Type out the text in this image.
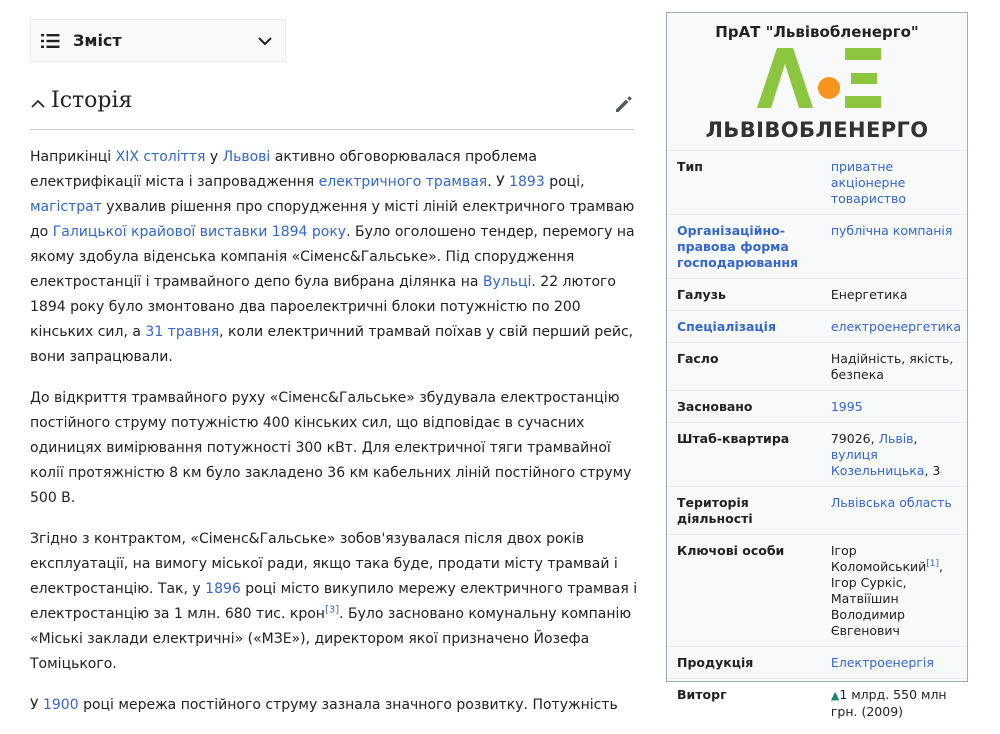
Зміст
Історія

Наприкінці XIX століття у Львові активно обговорювалася проблема електрифікації міста і запровадження електричного трамвая. У 1893 році, магістрат ухвалив рішення про спорудження у місті ліній електричного трамваю до Галицької крайової виставки 1894 року. Було оголошено тендер, перемогу на якому здобула віденська компанія «Сіменс&Гальське». Під спорудження електростанції і трамвайного депо була вибрана ділянка на Вульці. 22 лютого 1894 року було змонтовано два пароелектричні блоки потужністю по 200 кінських сил, а 31 травня, коли електричний трамвай поїхав у свій перший рейс, вони запрацювали.

До відкриття трамвайного руху «Сіменс&Гальське» збудувала електростанцію постійного струму потужністю 400 кінських сил, що відповідає в сучасних одиницях вимірювання потужності 300 кВт. Для електричної тяги трамвайної колії протяжністю 8 км було закладено 36 км кабельних ліній постійного струму 500 В.

Згідно з контрактом, «Сіменс&Гальське» зобов'язувалася після двох років експлуатації, на вимогу міської ради, якщо така буде, продати місту трамвай і електростанцію. Так, у 1896 році місто викупило мережу електричного трамвая і електростанцію за 1 млн. 680 тис. крон[3]. Було засновано комунальну компанію «Міські заклади електричні» («МЗЕ»), директором якої призначено Йозефа Томіцького.

У 1900 році мережа постійного струму зазнала значного розвитку. Потужність

ПрАТ "Львівобленерго"
ЛЬВІВОБЛЕНЕРГО
Тип	приватне акціонерне товариство
Організаційно-правова форма господарювання	публічна компанія
Галузь	Енергетика
Спеціалізація	електроенергетика
Гасло	Надійність, якість, безпека
Засновано	1995
Штаб-квартира	79026, Львів, вулиця Козельницька, 3
Територія діяльності	Львівська область
Ключові особи	Ігор Коломойський[1], Ігор Суркіс, Матвіїшин Володимир Євгенович
Продукція	Електроенергія
Виторг	▲1 млрд. 550 млн грн. (2009)
